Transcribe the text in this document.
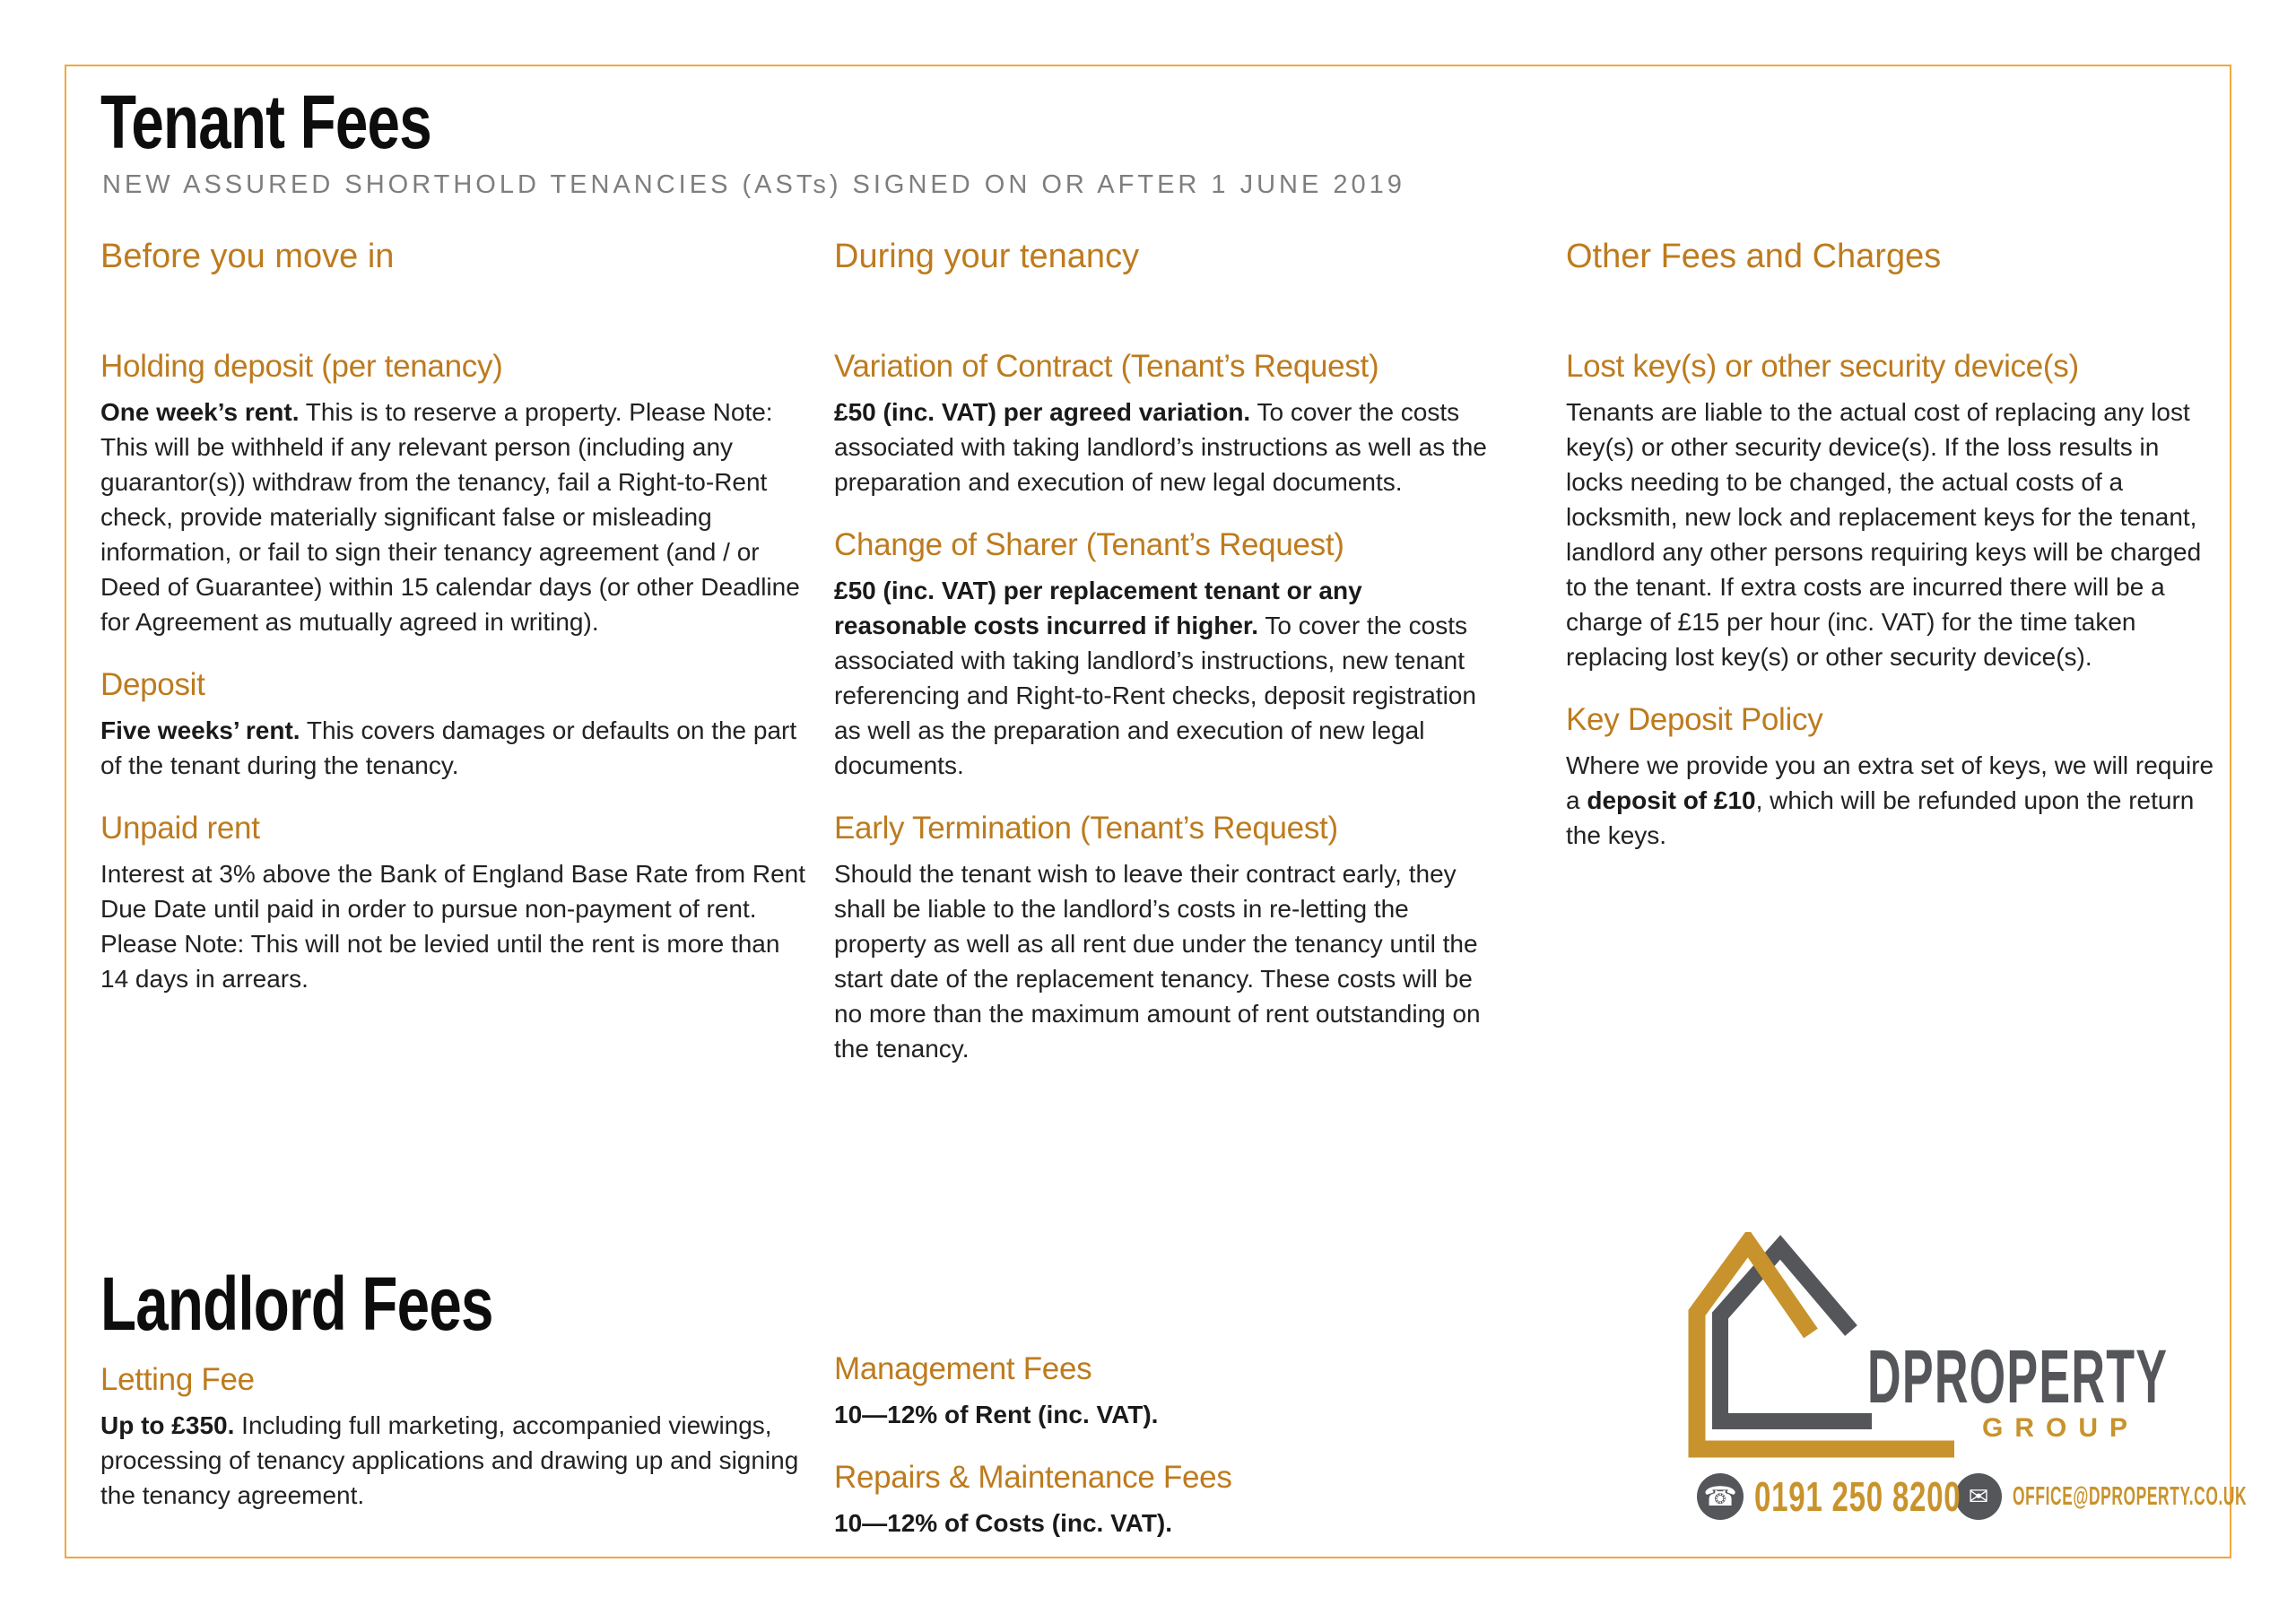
Tenant Fees
NEW ASSURED SHORTHOLD TENANCIES (ASTs) SIGNED ON OR AFTER 1 JUNE 2019
Before you move in
Holding deposit (per tenancy)

One week’s rent. This is to reserve a property. Please Note: This will be withheld if any relevant person (including any guarantor(s)) withdraw from the tenancy, fail a Right-to-Rent check, provide materially significant false or misleading information, or fail to sign their tenancy agreement (and / or Deed of Guarantee) within 15 calendar days (or other Deadline for Agreement as mutually agreed in writing).

Deposit

Five weeks’ rent. This covers damages or defaults on the part of the tenant during the tenancy.

Unpaid rent

Interest at 3% above the Bank of England Base Rate from Rent Due Date until paid in order to pursue non-payment of rent. Please Note: This will not be levied until the rent is more than 14 days in arrears.

During your tenancy
Variation of Contract (Tenant’s Request)

£50 (inc. VAT) per agreed variation. To cover the costs associated with taking landlord’s instructions as well as the preparation and execution of new legal documents.

Change of Sharer (Tenant’s Request)

£50 (inc. VAT) per replacement tenant or any reasonable costs incurred if higher. To cover the costs associated with taking landlord’s instructions, new tenant referencing and Right-to-Rent checks, deposit registration as well as the preparation and execution of new legal documents.

Early Termination (Tenant’s Request)

Should the tenant wish to leave their contract early, they shall be liable to the landlord’s costs in re-letting the property as well as all rent due under the tenancy until the start date of the replacement tenancy. These costs will be no more than the maximum amount of rent outstanding on the tenancy.

Other Fees and Charges
Lost key(s) or other security device(s)

Tenants are liable to the actual cost of replacing any lost key(s) or other security device(s). If the loss results in locks needing to be changed, the actual costs of a locksmith, new lock and replacement keys for the tenant, landlord any other persons requiring keys will be charged to the tenant. If extra costs are incurred there will be a charge of £15 per hour (inc. VAT) for the time taken replacing lost key(s) or other security device(s).

Key Deposit Policy

Where we provide you an extra set of keys, we will require a deposit of £10, which will be refunded upon the return the keys.

Landlord Fees
Letting Fee

Up to £350. Including full marketing, accompanied viewings, processing of tenancy applications and drawing up and signing the tenancy agreement.

Management Fees

10—12% of Rent (inc. VAT).

Repairs & Maintenance Fees

10—12% of Costs (inc. VAT).

DPROPERTY
GROUP
☎ 0191 250 8200 ✉ OFFICE@DPROPERTY.CO.UK
